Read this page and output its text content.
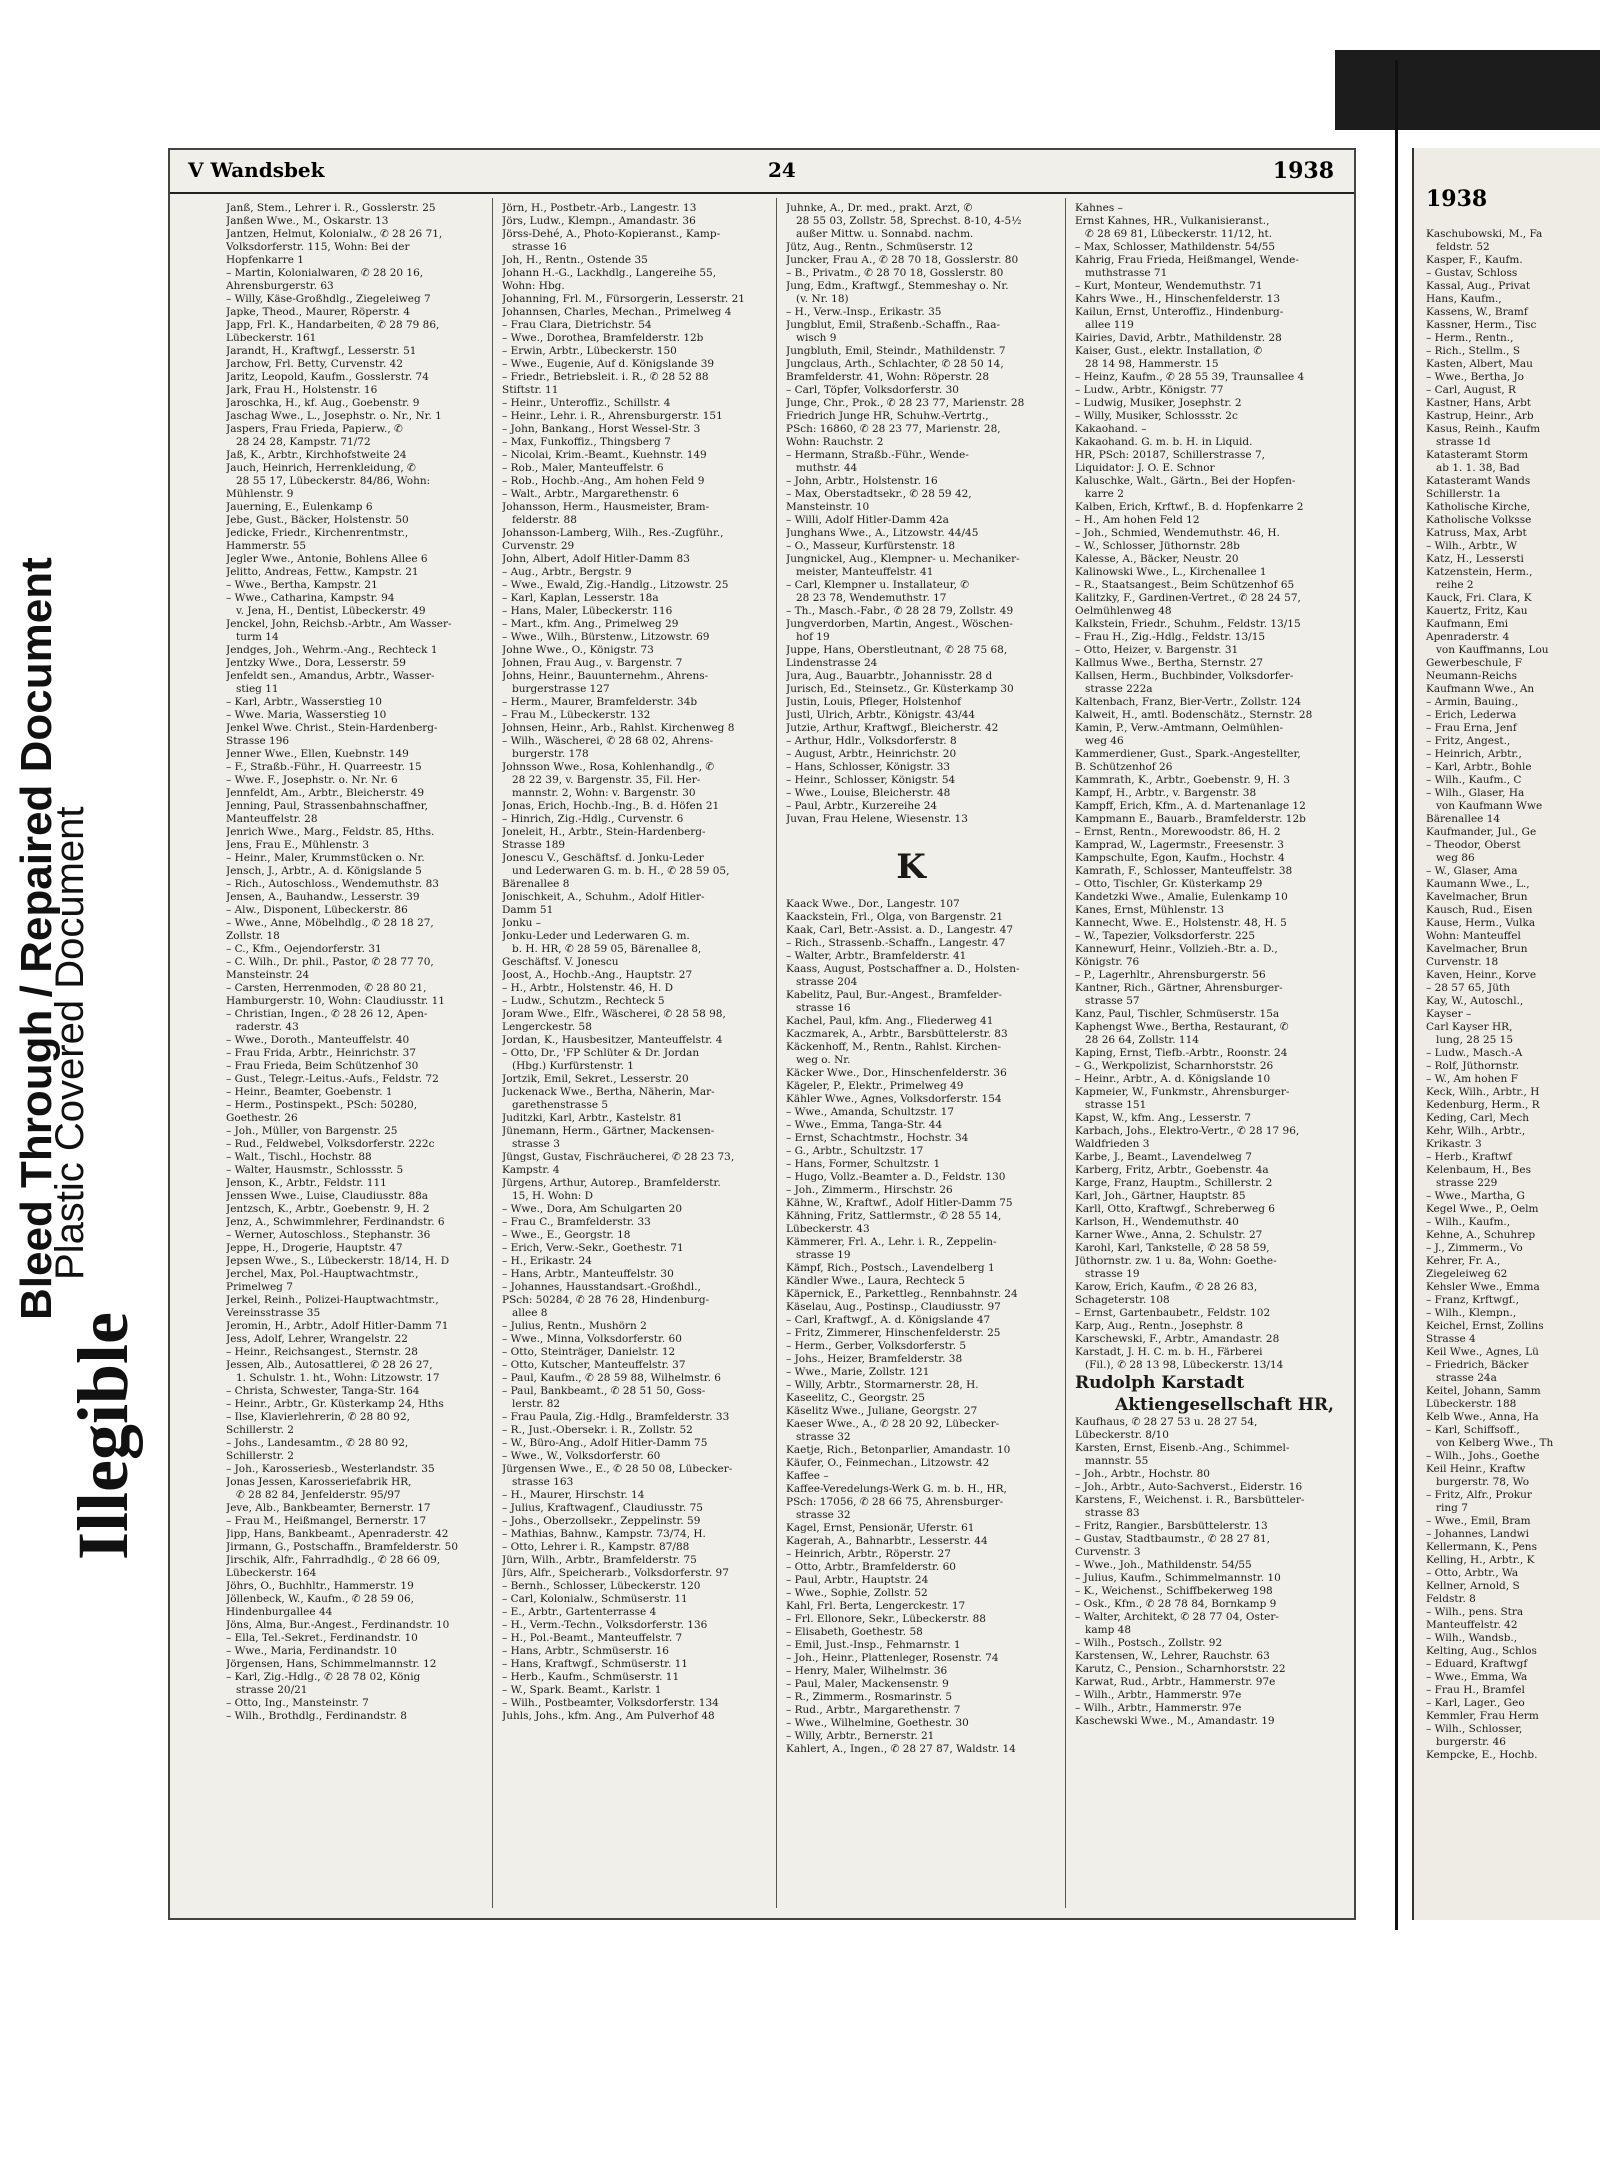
Bleed Through / Repaired Document
Plastic Covered Document
Illegible
V Wandsbek	24	1938

Janß, Stem., Lehrer i. R., Gosslerstr. 25

Janßen Wwe., M., Oskarstr. 13

Jantzen, Helmut, Kolonialw., ✆ 28 26 71,

Volksdorferstr. 115, Wohn: Bei der

Hopfenkarre 1

– Martin, Kolonialwaren, ✆ 28 20 16,

Ahrensburgerstr. 63

– Willy, Käse-Großhdlg., Ziegeleiweg 7

Japke, Theod., Maurer, Röperstr. 4

Japp, Frl. K., Handarbeiten, ✆ 28 79 86,

Lübeckerstr. 161

Jarandt, H., Kraftwgf., Lesserstr. 51

Jarchow, Frl. Betty, Curvenstr. 42

Jaritz, Leopold, Kaufm., Gosslerstr. 74

Jark, Frau H., Holstenstr. 16

Jaroschka, H., kf. Aug., Goebenstr. 9

Jaschag Wwe., L., Josephstr. o. Nr., Nr. 1

Jaspers, Frau Frieda, Papierw., ✆

28 24 28, Kampstr. 71/72

Jaß, K., Arbtr., Kirchhofstweite 24

Jauch, Heinrich, Herrenkleidung, ✆

28 55 17, Lübeckerstr. 84/86, Wohn:

Mühlenstr. 9

Jauerning, E., Eulenkamp 6

Jebe, Gust., Bäcker, Holstenstr. 50

Jedicke, Friedr., Kirchenrentmstr.,

Hammerstr. 55

Jegler Wwe., Antonie, Bohlens Allee 6

Jelitto, Andreas, Fettw., Kampstr. 21

– Wwe., Bertha, Kampstr. 21

– Wwe., Catharina, Kampstr. 94

v. Jena, H., Dentist, Lübeckerstr. 49

Jenckel, John, Reichsb.-Arbtr., Am Wasser-

turm 14

Jendges, Joh., Wehrm.-Ang., Rechteck 1

Jentzky Wwe., Dora, Lesserstr. 59

Jenfeldt sen., Amandus, Arbtr., Wasser-

stieg 11

– Karl, Arbtr., Wasserstieg 10

– Wwe. Maria, Wasserstieg 10

Jenkel Wwe. Christ., Stein-Hardenberg-

Strasse 196

Jenner Wwe., Ellen, Kuebnstr. 149

– F., Straßb.-Führ., H. Quarreestr. 15

– Wwe. F., Josephstr. o. Nr. Nr. 6

Jennfeldt, Am., Arbtr., Bleicherstr. 49

Jenning, Paul, Strassenbahnschaffner,

Manteuffelstr. 28

Jenrich Wwe., Marg., Feldstr. 85, Hths.

Jens, Frau E., Mühlenstr. 3

– Heinr., Maler, Krummstücken o. Nr.

Jensch, J., Arbtr., A. d. Königslande 5

– Rich., Autoschloss., Wendemuthstr. 83

Jensen, A., Bauhandw., Lesserstr. 39

– Alw., Disponent, Lübeckerstr. 86

– Wwe., Anne, Möbelhdlg., ✆ 28 18 27,

Zollstr. 18

– C., Kfm., Oejendorferstr. 31

– C. Wilh., Dr. phil., Pastor, ✆ 28 77 70,

Mansteinstr. 24

– Carsten, Herrenmoden, ✆ 28 80 21,

Hamburgerstr. 10, Wohn: Claudiusstr. 11

– Christian, Ingen., ✆ 28 26 12, Apen-

raderstr. 43

– Wwe., Doroth., Manteuffelstr. 40

– Frau Frida, Arbtr., Heinrichstr. 37

– Frau Frieda, Beim Schützenhof 30

– Gust., Telegr.-Leitus.-Aufs., Feldstr. 72

– Heinr., Beamter, Goebenstr. 1

– Herm., Postinspekt., PSch: 50280,

Goethestr. 26

– Joh., Müller, von Bargenstr. 25

– Rud., Feldwebel, Volksdorferstr. 222c

– Walt., Tischl., Hochstr. 88

– Walter, Hausmstr., Schlossstr. 5

Jenson, K., Arbtr., Feldstr. 111

Jenssen Wwe., Luise, Claudiusstr. 88a

Jentzsch, K., Arbtr., Goebenstr. 9, H. 2

Jenz, A., Schwimmlehrer, Ferdinandstr. 6

– Werner, Autoschloss., Stephanstr. 36

Jeppe, H., Drogerie, Hauptstr. 47

Jepsen Wwe., S., Lübeckerstr. 18/14, H. D

Jerchel, Max, Pol.-Hauptwachtmstr.,

Primelweg 7

Jerkel, Reinh., Polizei-Hauptwachtmstr.,

Vereinsstrasse 35

Jeromin, H., Arbtr., Adolf Hitler-Damm 71

Jess, Adolf, Lehrer, Wrangelstr. 22

– Heinr., Reichsangest., Sternstr. 28

Jessen, Alb., Autosattlerei, ✆ 28 26 27,

1. Schulstr. 1. ht., Wohn: Litzowstr. 17

– Christa, Schwester, Tanga-Str. 164

– Heinr., Arbtr., Gr. Küsterkamp 24, Hths

– Ilse, Klavierlehrerin, ✆ 28 80 92,

Schillerstr. 2

– Johs., Landesamtm., ✆ 28 80 92,

Schillerstr. 2

– Joh., Karosseriesb., Westerlandstr. 35

Jonas Jessen, Karosseriefabrik HR,

✆ 28 82 84, Jenfelderstr. 95/97

Jeve, Alb., Bankbeamter, Bernerstr. 17

– Frau M., Heißmangel, Bernerstr. 17

Jipp, Hans, Bankbeamt., Apenraderstr. 42

Jirmann, G., Postschaffn., Bramfelderstr. 50

Jirschik, Alfr., Fahrradhdlg., ✆ 28 66 09,

Lübeckerstr. 164

Jöhrs, O., Buchhltr., Hammerstr. 19

Jöllenbeck, W., Kaufm., ✆ 28 59 06,

Hindenburgallee 44

Jöns, Alma, Bur.-Angest., Ferdinandstr. 10

– Ella, Tel.-Sekret., Ferdinandstr. 10

– Wwe., Maria, Ferdinandstr. 10

Jörgensen, Hans, Schimmelmannstr. 12

– Karl, Zig.-Hdlg., ✆ 28 78 02, König

strasse 20/21

– Otto, Ing., Mansteinstr. 7

– Wilh., Brothdlg., Ferdinandstr. 8

Jörn, H., Postbetr.-Arb., Langestr. 13

Jörs, Ludw., Klempn., Amandastr. 36

Jörss-Dehé, A., Photo-Kopieranst., Kamp-

strasse 16

Joh, H., Rentn., Ostende 35

Johann H.-G., Lackhdlg., Langereihe 55,

Wohn: Hbg.

Johanning, Frl. M., Fürsorgerin, Lesserstr. 21

Johannsen, Charles, Mechan., Primelweg 4

– Frau Clara, Dietrichstr. 54

– Wwe., Dorothea, Bramfelderstr. 12b

– Erwin, Arbtr., Lübeckerstr. 150

– Wwe., Eugenie, Auf d. Königslande 39

– Friedr., Betriebsleit. i. R., ✆ 28 52 88

Stiftstr. 11

– Heinr., Unteroffiz., Schillstr. 4

– Heinr., Lehr. i. R., Ahrensburgerstr. 151

– John, Bankang., Horst Wessel-Str. 3

– Max, Funkoffiz., Thingsberg 7

– Nicolai, Krim.-Beamt., Kuehnstr. 149

– Rob., Maler, Manteuffelstr. 6

– Rob., Hochb.-Ang., Am hohen Feld 9

– Walt., Arbtr., Margarethenstr. 6

Johansson, Herm., Hausmeister, Bram-

felderstr. 88

Johansson-Lamberg, Wilh., Res.-Zugführ.,

Curvenstr. 29

John, Albert, Adolf Hitler-Damm 83

– Aug., Arbtr., Bergstr. 9

– Wwe., Ewald, Zig.-Handlg., Litzowstr. 25

– Karl, Kaplan, Lesserstr. 18a

– Hans, Maler, Lübeckerstr. 116

– Mart., kfm. Ang., Primelweg 29

– Wwe., Wilh., Bürstenw., Litzowstr. 69

Johne Wwe., O., Königstr. 73

Johnen, Frau Aug., v. Bargenstr. 7

Johns, Heinr., Bauunternehm., Ahrens-

burgerstrasse 127

– Herm., Maurer, Bramfelderstr. 34b

– Frau M., Lübeckerstr. 132

Johnsen, Heinr., Arb., Rahlst. Kirchenweg 8

– Wilh., Wäscherei, ✆ 28 68 02, Ahrens-

burgerstr. 178

Johnsson Wwe., Rosa, Kohlenhandlg., ✆

28 22 39, v. Bargenstr. 35, Fil. Her-

mannstr. 2, Wohn: v. Bargenstr. 30

Jonas, Erich, Hochb.-Ing., B. d. Höfen 21

– Hinrich, Zig.-Hdlg., Curvenstr. 6

Joneleit, H., Arbtr., Stein-Hardenberg-

Strasse 189

Jonescu V., Geschäftsf. d. Jonku-Leder

und Lederwaren G. m. b. H., ✆ 28 59 05,

Bärenallee 8

Jonischkeit, A., Schuhm., Adolf Hitler-

Damm 51

Jonku –

Jonku-Leder und Lederwaren G. m.

b. H. HR, ✆ 28 59 05, Bärenallee 8,

Geschäftsf. V. Jonescu

Joost, A., Hochb.-Ang., Hauptstr. 27

– H., Arbtr., Holstenstr. 46, H. D

– Ludw., Schutzm., Rechteck 5

Joram Wwe., Elfr., Wäscherei, ✆ 28 58 98,

Lengerckestr. 58

Jordan, K., Hausbesitzer, Manteuffelstr. 4

– Otto, Dr., 'FP Schlüter & Dr. Jordan

(Hbg.) Kurfürstenstr. 1

Jortzik, Emil, Sekret., Lesserstr. 20

Juckenack Wwe., Bertha, Näherin, Mar-

garethenstrasse 5

Juditzki, Karl, Arbtr., Kastelstr. 81

Jünemann, Herm., Gärtner, Mackensen-

strasse 3

Jüngst, Gustav, Fischräucherei, ✆ 28 23 73,

Kampstr. 4

Jürgens, Arthur, Autorep., Bramfelderstr.

15, H. Wohn: D

– Wwe., Dora, Am Schulgarten 20

– Frau C., Bramfelderstr. 33

– Wwe., E., Georgstr. 18

– Erich, Verw.-Sekr., Goethestr. 71

– H., Erikastr. 24

– Hans, Arbtr., Manteuffelstr. 30

– Johannes, Hausstandsart.-Großhdl.,

PSch: 50284, ✆ 28 76 28, Hindenburg-

allee 8

– Julius, Rentn., Mushörn 2

– Wwe., Minna, Volksdorferstr. 60

– Otto, Steinträger, Danielstr. 12

– Otto, Kutscher, Manteuffelstr. 37

– Paul, Kaufm., ✆ 28 59 88, Wilhelmstr. 6

– Paul, Bankbeamt., ✆ 28 51 50, Goss-

lerstr. 82

– Frau Paula, Zig.-Hdlg., Bramfelderstr. 33

– R., Just.-Obersekr. i. R., Zollstr. 52

– W., Büro-Ang., Adolf Hitler-Damm 75

– Wwe., W., Volksdorferstr. 60

Jürgensen Wwe., E., ✆ 28 50 08, Lübecker-

strasse 163

– H., Maurer, Hirschstr. 14

– Julius, Kraftwagenf., Claudiusstr. 75

– Johs., Oberzollsekr., Zeppelinstr. 59

– Mathias, Bahnw., Kampstr. 73/74, H.

– Otto, Lehrer i. R., Kampstr. 87/88

Jürn, Wilh., Arbtr., Bramfelderstr. 75

Jürs, Alfr., Speicherarb., Volksdorferstr. 97

– Bernh., Schlosser, Lübeckerstr. 120

– Carl, Kolonialw., Schmüserstr. 11

– E., Arbtr., Gartenterrasse 4

– H., Verm.-Techn., Volksdorferstr. 136

– H., Pol.-Beamt., Manteuffelstr. 7

– Hans, Arbtr., Schmüserstr. 16

– Hans, Kraftwgf., Schmüserstr. 11

– Herb., Kaufm., Schmüserstr. 11

– W., Spark. Beamt., Karlstr. 1

– Wilh., Postbeamter, Volksdorferstr. 134

Juhls, Johs., kfm. Ang., Am Pulverhof 48

Juhnke, A., Dr. med., prakt. Arzt, ✆

28 55 03, Zollstr. 58, Sprechst. 8-10, 4-5½

außer Mittw. u. Sonnabd. nachm.

Jütz, Aug., Rentn., Schmüserstr. 12

Juncker, Frau A., ✆ 28 70 18, Gosslerstr. 80

– B., Privatm., ✆ 28 70 18, Gosslerstr. 80

Jung, Edm., Kraftwgf., Stemmeshay o. Nr.

(v. Nr. 18)

– H., Verw.-Insp., Erikastr. 35

Jungblut, Emil, Straßenb.-Schaffn., Raa-

wisch 9

Jungbluth, Emil, Steindr., Mathildenstr. 7

Jungclaus, Arth., Schlachter, ✆ 28 50 14,

Bramfelderstr. 41, Wohn: Röperstr. 28

– Carl, Töpfer, Volksdorferstr. 30

Junge, Chr., Prok., ✆ 28 23 77, Marienstr. 28

Friedrich Junge HR, Schuhw.-Vertrtg.,

PSch: 16860, ✆ 28 23 77, Marienstr. 28,

Wohn: Rauchstr. 2

– Hermann, Straßb.-Führ., Wende-

muthstr. 44

– John, Arbtr., Holstenstr. 16

– Max, Oberstadtsekr., ✆ 28 59 42,

Mansteinstr. 10

– Willi, Adolf Hitler-Damm 42a

Junghans Wwe., A., Litzowstr. 44/45

– O., Masseur, Kurfürstenstr. 18

Jungnickel, Aug., Klempner- u. Mechaniker-

meister, Manteuffelstr. 41

– Carl, Klempner u. Installateur, ✆

28 23 78, Wendemuthstr. 17

– Th., Masch.-Fabr., ✆ 28 28 79, Zollstr. 49

Jungverdorben, Martin, Angest., Wöschen-

hof 19

Juppe, Hans, Oberstleutnant, ✆ 28 75 68,

Lindenstrasse 24

Jura, Aug., Bauarbtr., Johannisstr. 28 d

Jurisch, Ed., Steinsetz., Gr. Küsterkamp 30

Justin, Louis, Pfleger, Holstenhof

Justl, Ulrich, Arbtr., Königstr. 43/44

Jutzie, Arthur, Kraftwgf., Bleicherstr. 42

– Arthur, Hdlr., Volksdorferstr. 8

– August, Arbtr., Heinrichstr. 20

– Hans, Schlosser, Königstr. 33

– Heinr., Schlosser, Königstr. 54

– Wwe., Louise, Bleicherstr. 48

– Paul, Arbtr., Kurzereihe 24

Juvan, Frau Helene, Wiesenstr. 13

K

Kaack Wwe., Dor., Langestr. 107

Kaackstein, Frl., Olga, von Bargenstr. 21

Kaak, Carl, Betr.-Assist. a. D., Langestr. 47

– Rich., Strassenb.-Schaffn., Langestr. 47

– Walter, Arbtr., Bramfelderstr. 41

Kaass, August, Postschaffner a. D., Holsten-

strasse 204

Kabelitz, Paul, Bur.-Angest., Bramfelder-

strasse 16

Kachel, Paul, kfm. Ang., Fliederweg 41

Kaczmarek, A., Arbtr., Barsbüttelerstr. 83

Käckenhoff, M., Rentn., Rahlst. Kirchen-

weg o. Nr.

Käcker Wwe., Dor., Hinschenfelderstr. 36

Kägeler, P., Elektr., Primelweg 49

Kähler Wwe., Agnes, Volksdorferstr. 154

– Wwe., Amanda, Schultzstr. 17

– Wwe., Emma, Tanga-Str. 44

– Ernst, Schachtmstr., Hochstr. 34

– G., Arbtr., Schultzstr. 17

– Hans, Former, Schultzstr. 1

– Hugo, Vollz.-Beamter a. D., Feldstr. 130

– Joh., Zimmerm., Hirschstr. 26

Kähne, W., Kraftwf., Adolf Hitler-Damm 75

Kähning, Fritz, Sattlermstr., ✆ 28 55 14,

Lübeckerstr. 43

Kämmerer, Frl. A., Lehr. i. R., Zeppelin-

strasse 19

Kämpf, Rich., Postsch., Lavendelberg 1

Kändler Wwe., Laura, Rechteck 5

Käpernick, E., Parkettleg., Rennbahnstr. 24

Käselau, Aug., Postinsp., Claudiusstr. 97

– Carl, Kraftwgf., A. d. Königslande 47

– Fritz, Zimmerer, Hinschenfelderstr. 25

– Herm., Gerber, Volksdorferstr. 5

– Johs., Heizer, Bramfelderstr. 38

– Wwe., Marie, Zollstr. 121

– Willy, Arbtr., Stormarnerstr. 28, H.

Kaseelitz, C., Georgstr. 25

Käselitz Wwe., Juliane, Georgstr. 27

Kaeser Wwe., A., ✆ 28 20 92, Lübecker-

strasse 32

Kaetje, Rich., Betonparlier, Amandastr. 10

Käufer, O., Feinmechan., Litzowstr. 42

Kaffee –

Kaffee-Veredelungs-Werk G. m. b. H., HR,

PSch: 17056, ✆ 28 66 75, Ahrensburger-

strasse 32

Kagel, Ernst, Pensionär, Uferstr. 61

Kagerah, A., Bahnarbtr., Lesserstr. 44

– Heinrich, Arbtr., Röperstr. 27

– Otto, Arbtr., Bramfelderstr. 60

– Paul, Arbtr., Hauptstr. 24

– Wwe., Sophie, Zollstr. 52

Kahl, Frl. Berta, Lengerckestr. 17

– Frl. Ellonore, Sekr., Lübeckerstr. 88

– Elisabeth, Goethestr. 58

– Emil, Just.-Insp., Fehmarnstr. 1

– Joh., Heinr., Plattenleger, Rosenstr. 74

– Henry, Maler, Wilhelmstr. 36

– Paul, Maler, Mackensenstr. 9

– R., Zimmerm., Rosmarinstr. 5

– Rud., Arbtr., Margarethenstr. 7

– Wwe., Wilhelmine, Goethestr. 30

– Willy, Arbtr., Bernerstr. 21

Kahlert, A., Ingen., ✆ 28 27 87, Waldstr. 14

Kahnes –

Ernst Kahnes, HR., Vulkanisieranst.,

✆ 28 69 81, Lübeckerstr. 11/12, ht.

– Max, Schlosser, Mathildenstr. 54/55

Kahrig, Frau Frieda, Heißmangel, Wende-

muthstrasse 71

– Kurt, Monteur, Wendemuthstr. 71

Kahrs Wwe., H., Hinschenfelderstr. 13

Kailun, Ernst, Unteroffiz., Hindenburg-

allee 119

Kairies, David, Arbtr., Mathildenstr. 28

Kaiser, Gust., elektr. Installation, ✆

28 14 98, Hammerstr. 15

– Heinz, Kaufm., ✆ 28 55 39, Traunsallee 4

– Ludw., Arbtr., Königstr. 77

– Ludwig, Musiker, Josephstr. 2

– Willy, Musiker, Schlossstr. 2c

Kakaohand. –

Kakaohand. G. m. b. H. in Liquid.

HR, PSch: 20187, Schillerstrasse 7,

Liquidator: J. O. E. Schnor

Kaluschke, Walt., Gärtn., Bei der Hopfen-

karre 2

Kalben, Erich, Krftwf., B. d. Hopfenkarre 2

– H., Am hohen Feld 12

– Joh., Schmied, Wendemuthstr. 46, H.

– W., Schlosser, Jüthornstr. 28b

Kalesse, A., Bäcker, Neustr. 20

Kalinowski Wwe., L., Kirchenallee 1

– R., Staatsangest., Beim Schützenhof 65

Kalitzky, F., Gardinen-Vertret., ✆ 28 24 57,

Oelmühlenweg 48

Kalkstein, Friedr., Schuhm., Feldstr. 13/15

– Frau H., Zig.-Hdlg., Feldstr. 13/15

– Otto, Heizer, v. Bargenstr. 31

Kallmus Wwe., Bertha, Sternstr. 27

Kallsen, Herm., Buchbinder, Volksdorfer-

strasse 222a

Kaltenbach, Franz, Bier-Vertr., Zollstr. 124

Kalweit, H., amtl. Bodenschätz., Sternstr. 28

Kamin, P., Verw.-Amtmann, Oelmühlen-

weg 46

Kammerdiener, Gust., Spark.-Angestellter,

B. Schützenhof 26

Kammrath, K., Arbtr., Goebenstr. 9, H. 3

Kampf, H., Arbtr., v. Bargenstr. 38

Kampff, Erich, Kfm., A. d. Martenanlage 12

Kampmann E., Bauarb., Bramfelderstr. 12b

– Ernst, Rentn., Morewoodstr. 86, H. 2

Kamprad, W., Lagermstr., Freesenstr. 3

Kampschulte, Egon, Kaufm., Hochstr. 4

Kamrath, F., Schlosser, Manteuffelstr. 38

– Otto, Tischler, Gr. Küsterkamp 29

Kandetzki Wwe., Amalie, Eulenkamp 10

Kanes, Ernst, Mühlenstr. 13

Kannecht, Wwe. E., Holstenstr. 48, H. 5

– W., Tapezier, Volksdorferstr. 225

Kannewurf, Heinr., Vollzieh.-Btr. a. D.,

Königstr. 76

– P., Lagerhltr., Ahrensburgerstr. 56

Kantner, Rich., Gärtner, Ahrensburger-

strasse 57

Kanz, Paul, Tischler, Schmüserstr. 15a

Kaphengst Wwe., Bertha, Restaurant, ✆

28 26 64, Zollstr. 114

Kaping, Ernst, Tiefb.-Arbtr., Roonstr. 24

– G., Werkpolizist, Scharnhorststr. 26

– Heinr., Arbtr., A. d. Königslande 10

Kapmeier, W., Funkmstr., Ahrensburger-

strasse 151

Kapst, W., kfm. Ang., Lesserstr. 7

Karbach, Johs., Elektro-Vertr., ✆ 28 17 96,

Waldfrieden 3

Karbe, J., Beamt., Lavendelweg 7

Karberg, Fritz, Arbtr., Goebenstr. 4a

Karge, Franz, Hauptm., Schillerstr. 2

Karl, Joh., Gärtner, Hauptstr. 85

Karll, Otto, Kraftwgf., Schreberweg 6

Karlson, H., Wendemuthstr. 40

Karner Wwe., Anna, 2. Schulstr. 27

Karohl, Karl, Tankstelle, ✆ 28 58 59,

Jüthornstr. zw. 1 u. 8a, Wohn: Goethe-

strasse 19

Karow, Erich, Kaufm., ✆ 28 26 83,

Schageterstr. 108

– Ernst, Gartenbaubetr., Feldstr. 102

Karp, Aug., Rentn., Josephstr. 8

Karschewski, F., Arbtr., Amandastr. 28

Karstadt, J. H. C. m. b. H., Färberei

(Fil.), ✆ 28 13 98, Lübeckerstr. 13/14

Rudolph Karstadt
Aktiengesellschaft HR,

Kaufhaus, ✆ 28 27 53 u. 28 27 54,

Lübeckerstr. 8/10

Karsten, Ernst, Eisenb.-Ang., Schimmel-

mannstr. 55

– Joh., Arbtr., Hochstr. 80

– Joh., Arbtr., Auto-Sachverst., Eiderstr. 16

Karstens, F., Weichenst. i. R., Barsbütteler-

strasse 83

– Fritz, Rangier., Barsbüttelerstr. 13

– Gustav, Stadtbaumstr., ✆ 28 27 81,

Curvenstr. 3

– Wwe., Joh., Mathildenstr. 54/55

– Julius, Kaufm., Schimmelmannstr. 10

– K., Weichenst., Schiffbekerweg 198

– Osk., Kfm., ✆ 28 78 84, Bornkamp 9

– Walter, Architekt, ✆ 28 77 04, Oster-

kamp 48

– Wilh., Postsch., Zollstr. 92

Karstensen, W., Lehrer, Rauchstr. 63

Karutz, C., Pension., Scharnhorststr. 22

Karwat, Rud., Arbtr., Hammerstr. 97e

– Wilh., Arbtr., Hammerstr. 97e

– Wilh., Arbtr., Hammerstr. 97e

Kaschewski Wwe., M., Amandastr. 19

1938

Kaschubowski, M., Fa

feldstr. 52

Kasper, F., Kaufm.

– Gustav, Schloss

Kassal, Aug., Privat

Hans, Kaufm.,

Kassens, W., Bramf

Kassner, Herm., Tisc

– Herm., Rentn.,

– Rich., Stellm., S

Kasten, Albert, Mau

– Wwe., Bertha, Jo

– Carl, August, R

Kastner, Hans, Arbt

Kastrup, Heinr., Arb

Kasus, Reinh., Kaufm

strasse 1d

Katasteramt Storm

ab 1. 1. 38, Bad

Katasteramt Wands

Schillerstr. 1a

Katholische Kirche,

Katholische Volksse

Katruss, Max, Arbt

– Wilh., Arbtr., W

Katz, H., Lessersti

Katzenstein, Herm.,

reihe 2

Kauck, Fri. Clara, K

Kauertz, Fritz, Kau

Kaufmann, Emi

Apenraderstr. 4

von Kauffmanns, Lou

Gewerbeschule, F

Neumann-Reichs

Kaufmann Wwe., An

– Armin, Bauing.,

– Erich, Lederwa

– Frau Erna, Jenf

– Fritz, Angest.,

– Heinrich, Arbtr.,

– Karl, Arbtr., Bohle

– Wilh., Kaufm., C

– Wilh., Glaser, Ha

von Kaufmann Wwe

Bärenallee 14

Kaufmander, Jul., Ge

– Theodor, Oberst

weg 86

– W., Glaser, Ama

Kaumann Wwe., L.,

Kavelmacher, Brun

Kausch, Rud., Eisen

Kause, Herm., Vulka

Wohn: Manteuffel

Kavelmacher, Brun

Curvenstr. 18

Kaven, Heinr., Korve

– 28 57 65, Jüth

Kay, W., Autoschl.,

Kayser –

Carl Kayser HR,

lung, 28 25 15

– Ludw., Masch.-A

– Rolf, Jüthornstr.

– W., Am hohen F

Keck, Wilh., Arbtr., H

Kedenburg, Herm., R

Keding, Carl, Mech

Kehr, Wilh., Arbtr.,

Krikastr. 3

– Herb., Kraftwf

Kelenbaum, H., Bes

strasse 229

– Wwe., Martha, G

Kegel Wwe., P., Oelm

– Wilh., Kaufm.,

Kehne, A., Schuhrep

– J., Zimmerm., Vo

Kehrer, Fr. A.,

Ziegeleiweg 62

Kehsler Wwe., Emma

– Franz, Krftwgf.,

– Wilh., Klempn.,

Keichel, Ernst, Zollins

Strasse 4

Keil Wwe., Agnes, Lü

– Friedrich, Bäcker

strasse 24a

Keitel, Johann, Samm

Lübeckerstr. 188

Kelb Wwe., Anna, Ha

– Karl, Schiffsoff.,

von Kelberg Wwe., Th

– Wilh., Johs., Goethe

Keil Heinr., Kraftw

burgerstr. 78, Wo

– Fritz, Alfr., Prokur

ring 7

– Wwe., Emil, Bram

– Johannes, Landwi

Kellermann, K., Pens

Kelling, H., Arbtr., K

– Otto, Arbtr., Wa

Kellner, Arnold, S

Feldstr. 8

– Wilh., pens. Stra

Manteuffelstr. 42

– Wilh., Wandsb.,

Kelting, Aug., Schlos

– Eduard, Kraftwgf

– Wwe., Emma, Wa

– Frau H., Bramfel

– Karl, Lager., Geo

Kemmler, Frau Herm

– Wilh., Schlosser,

burgerstr. 46

Kempcke, E., Hochb.
